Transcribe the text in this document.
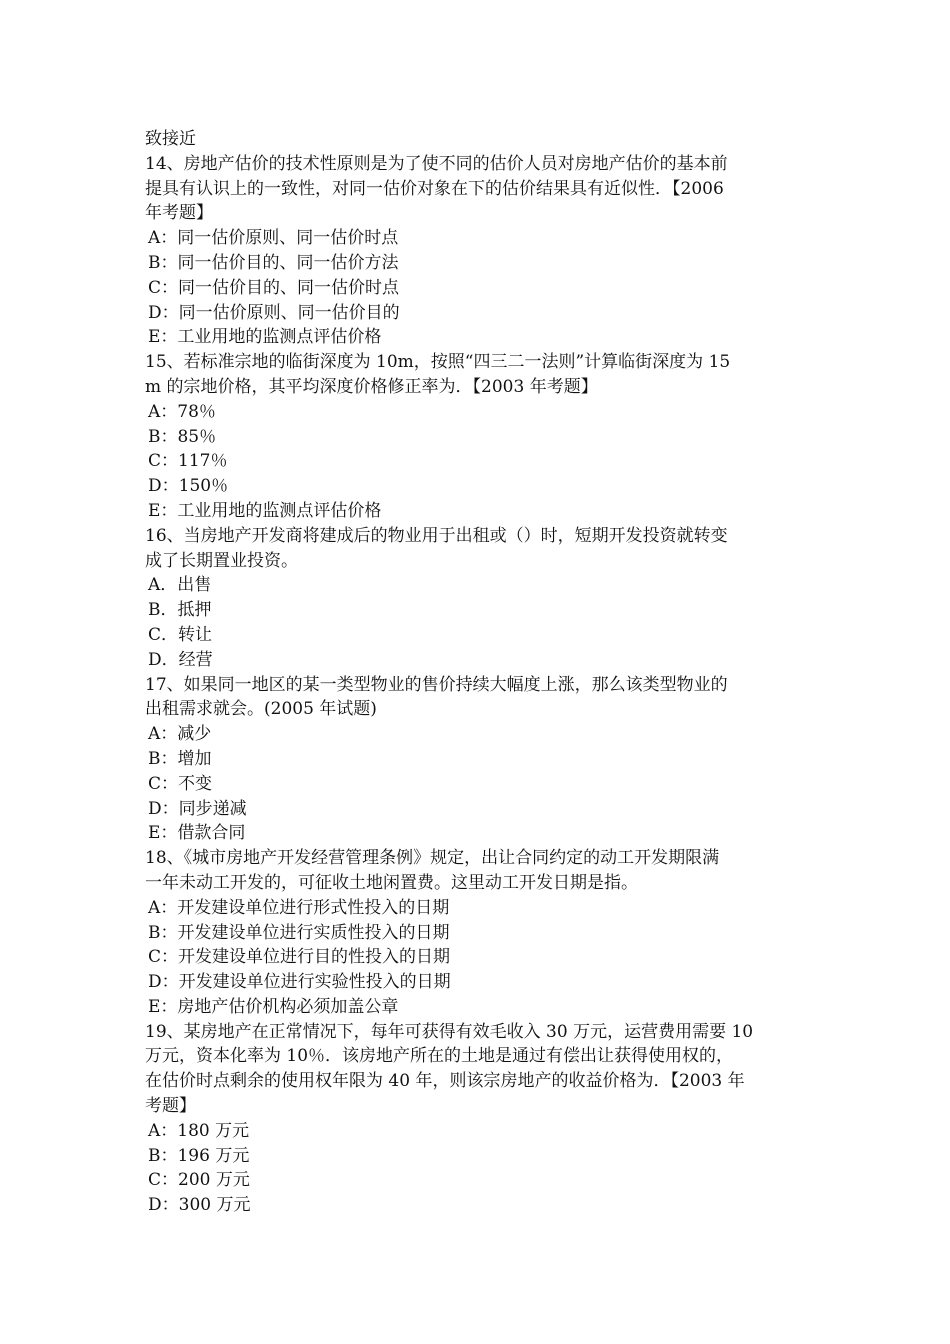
致接近
14、房地产估价的技术性原则是为了使不同的估价人员对房地产估价的基本前
提具有认识上的一致性，对同一估价对象在下的估价结果具有近似性．【2006
年考题】
A：同一估价原则、同一估价时点
B：同一估价目的、同一估价方法
C：同一估价目的、同一估价时点
D：同一估价原则、同一估价目的
E：工业用地的监测点评估价格
15、若标准宗地的临街深度为 10m，按照“四三二一法则”计算临街深度为 15
m 的宗地价格，其平均深度价格修正率为．【2003 年考题】
A：78％
B：85％
C：117％
D：150％
E：工业用地的监测点评估价格
16、当房地产开发商将建成后的物业用于出租或（）时，短期开发投资就转变
成了长期置业投资。
A．出售
B．抵押
C．转让
D．经营
17、如果同一地区的某一类型物业的售价持续大幅度上涨，那么该类型物业的
出租需求就会。(2005 年试题)
A：减少
B：增加
C：不变
D：同步递减
E：借款合同
18、《城市房地产开发经营管理条例》规定，出让合同约定的动工开发期限满
一年未动工开发的，可征收土地闲置费。这里动工开发日期是指。
A：开发建设单位进行形式性投入的日期
B：开发建设单位进行实质性投入的日期
C：开发建设单位进行目的性投入的日期
D：开发建设单位进行实验性投入的日期
E：房地产估价机构必须加盖公章
19、某房地产在正常情况下，每年可获得有效毛收入 30 万元，运营费用需要 10
万元，资本化率为 10％．该房地产所在的土地是通过有偿出让获得使用权的，
在估价时点剩余的使用权年限为 40 年，则该宗房地产的收益价格为．【2003 年
考题】
A：180 万元
B：196 万元
C：200 万元
D：300 万元
